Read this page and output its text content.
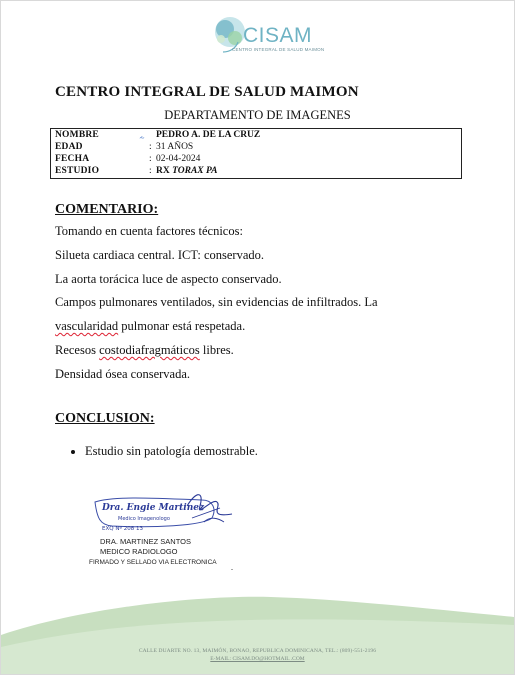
CISAM
CENTRO INTEGRAL DE SALUD MAIMON
CENTRO INTEGRAL DE SALUD MAIMON
DEPARTAMENTO DE IMAGENES
⩪
NOMBRE	PEDRO A. DE LA CRUZ
EDAD	: 31 AÑOS
FECHA	: 02-04-2024
ESTUDIO	: RX TORAX PA
COMENTARIO:
Tomando en cuenta factores técnicos:
Silueta cardiaca central. ICT: conservado.
La aorta torácica luce de aspecto conservado.
Campos pulmonares ventilados, sin evidencias de infiltrados. La
vascularidad pulmonar está respetada.
Recesos costodiafragmáticos libres.
Densidad ósea conservada.
CONCLUSION:
Estudio sin patología demostrable.
Dra. Engie Martinez
Medico Imagenologo
EXQ Nº 208 13
DRA. MARTINEZ SANTOS
MEDICO RADIOLOGO
FIRMADO Y SELLADO VIA ELECTRONICA
.
CALLE DUARTE NO. 13, MAIMÓN, BONAO, REPUBLICA DOMINICANA, TEL.: (809)-551-2196
E-MAIL: CISAM.DO@HOTMAIL .COM
